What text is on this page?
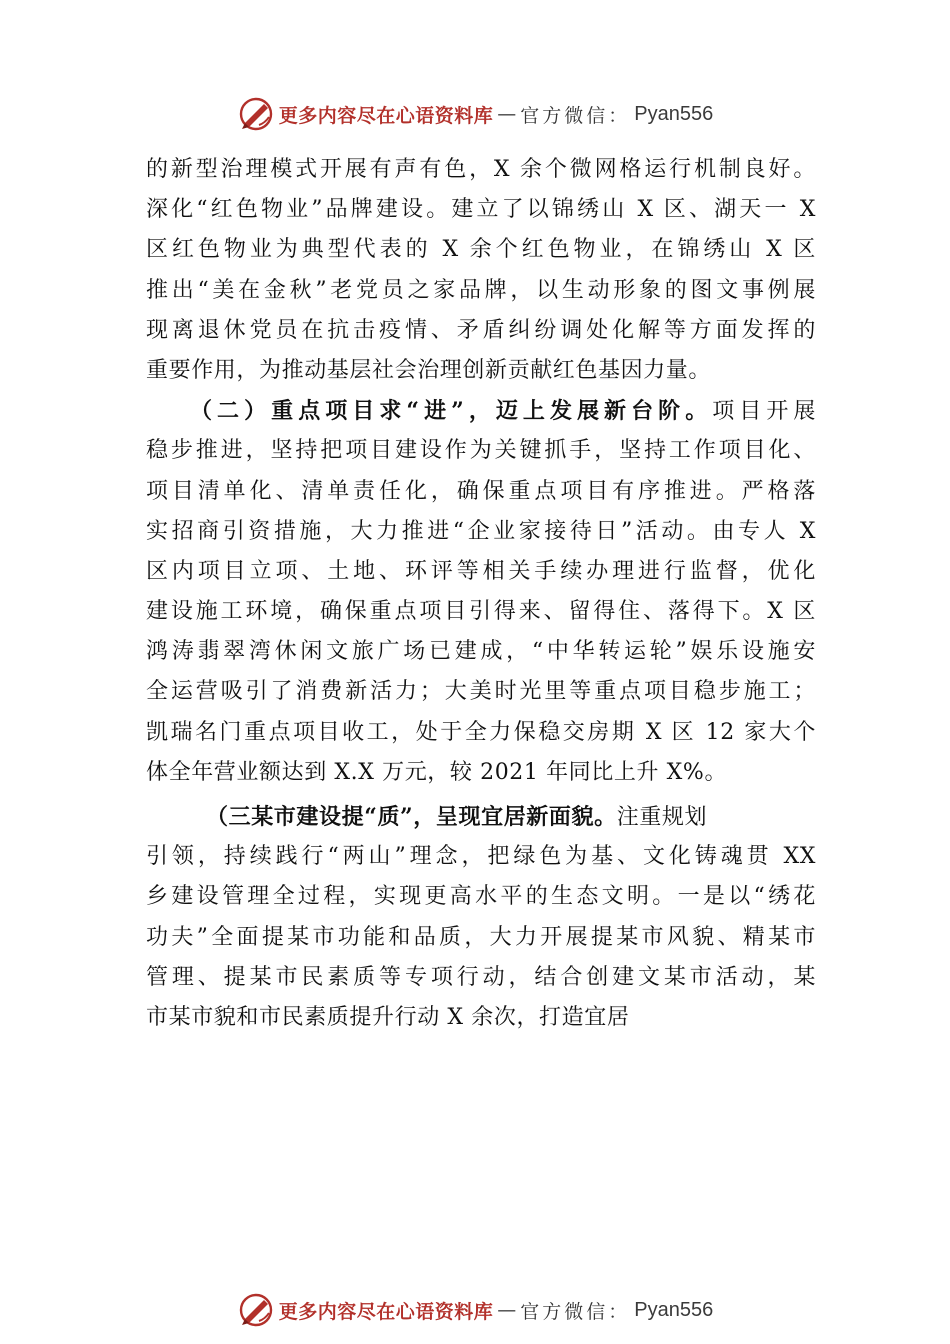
更多内容尽在心语资料库 — 官方微信： Pyan556
的新型治理模式开展有声有色，X 余个微网格运行机制良好。
深化“红色物业”品牌建设。建立了以锦绣山 X 区、湖天一 X
区红色物业为典型代表的 X 余个红色物业，在锦绣山 X 区
推出“美在金秋”老党员之家品牌，以生动形象的图文事例展
现离退休党员在抗击疫情、矛盾纠纷调处化解等方面发挥的
重要作用，为推动基层社会治理创新贡献红色基因力量。
（二）重点项目求“进”，迈上发展新台阶。项目开展
稳步推进，坚持把项目建设作为关键抓手，坚持工作项目化、
项目清单化、清单责任化，确保重点项目有序推进。严格落
实招商引资措施，大力推进“企业家接待日”活动。由专人 X
区内项目立项、土地、环评等相关手续办理进行监督，优化
建设施工环境，确保重点项目引得来、留得住、落得下。X 区
鸿涛翡翠湾休闲文旅广场已建成，“中华转运轮”娱乐设施安
全运营吸引了消费新活力；大美时光里等重点项目稳步施工；
凯瑞名门重点项目收工，处于全力保稳交房期 X 区 12 家大个
体全年营业额达到 X.X 万元，较 2021 年同比上升 X%。
（三某市建设提“质”，呈现宜居新面貌。注重规划
引领，持续践行“两山”理念，把绿色为基、文化铸魂贯 XX
乡建设管理全过程，实现更高水平的生态文明。一是以“绣花
功夫”全面提某市功能和品质，大力开展提某市风貌、精某市
管理、提某市民素质等专项行动，结合创建文某市活动，某
市某市貌和市民素质提升行动 X 余次，打造宜居
更多内容尽在心语资料库 — 官方微信： Pyan556
